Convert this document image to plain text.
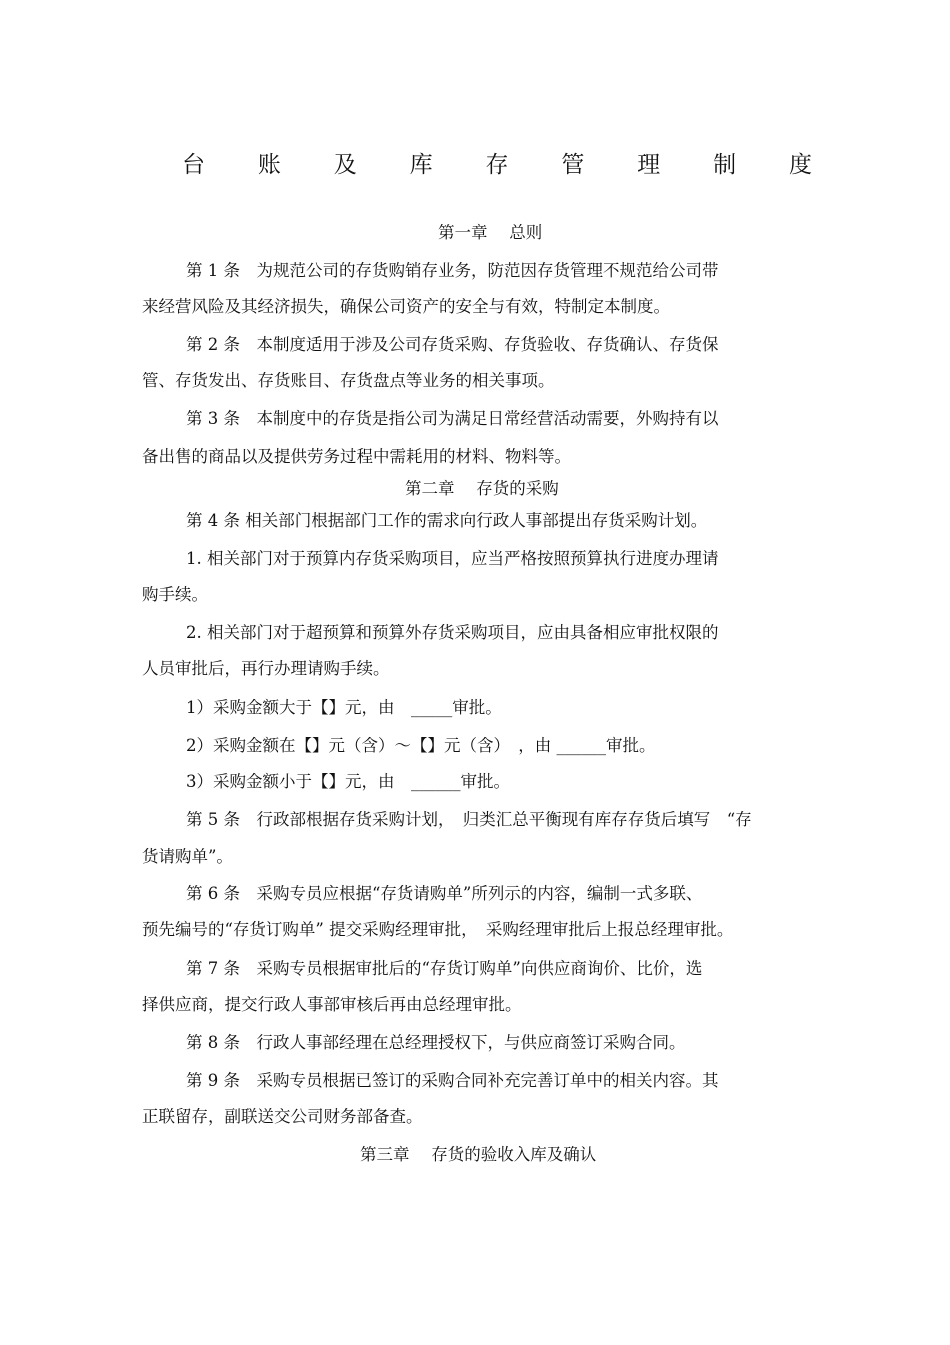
台 账 及 库 存 管 理 制 度
第一章　 总则
第 1 条　为规范公司的存货购销存业务，防范因存货管理不规范给公司带
来经营风险及其经济损失，确保公司资产的安全与有效，特制定本制度。
第 2 条　本制度适用于涉及公司存货采购、存货验收、存货确认、存货保
管、存货发出、存货账目、存货盘点等业务的相关事项。
第 3 条　本制度中的存货是指公司为满足日常经营活动需要，外购持有以
备出售的商品以及提供劳务过程中需耗用的材料、物料等。
第二章　 存货的采购
第 4 条 相关部门根据部门工作的需求向行政人事部提出存货采购计划。
1. 相关部门对于预算内存货采购项目，应当严格按照预算执行进度办理请
购手续。
2. 相关部门对于超预算和预算外存货采购项目，应由具备相应审批权限的
人员审批后，再行办理请购手续。
1）采购金额大于【】元，由　_____审批。
2）采购金额在【】元（含）～【】元（含）　，由 ______审批。
3）采购金额小于【】元，由　______审批。
第 5 条　行政部根据存货采购计划，　归类汇总平衡现有库存存货后填写　“存
货请购单”。
第 6 条　采购专员应根据“存货请购单”所列示的内容，编制一式多联、
预先编号的“存货订购单” 提交采购经理审批，　采购经理审批后上报总经理审批。
第 7 条　采购专员根据审批后的“存货订购单”向供应商询价、比价，选
择供应商，提交行政人事部审核后再由总经理审批。
第 8 条　行政人事部经理在总经理授权下，与供应商签订采购合同。
第 9 条　采购专员根据已签订的采购合同补充完善订单中的相关内容。其
正联留存，副联送交公司财务部备查。
第三章　 存货的验收入库及确认
